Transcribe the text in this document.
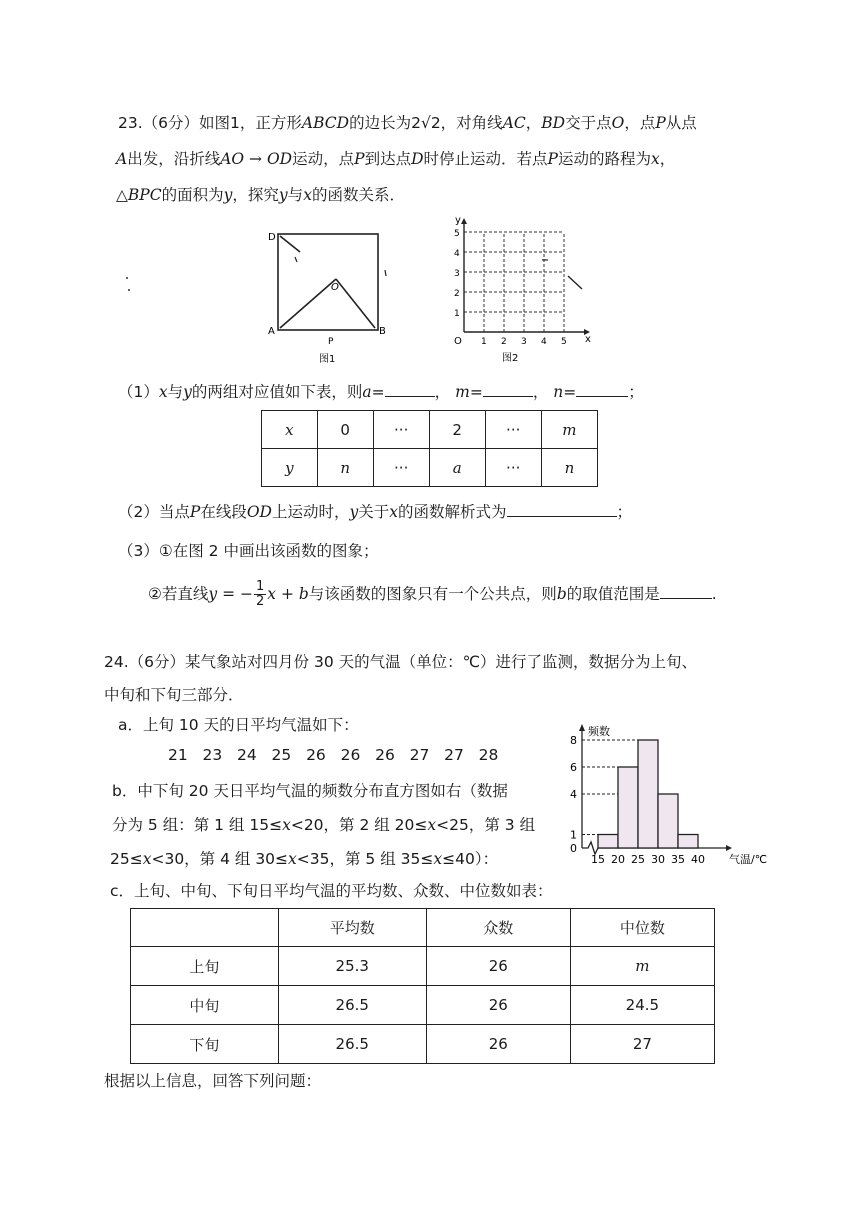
23.（6分）如图1，正方形ABCD的边长为2√2，对角线AC，BD交于点O，点P从点
A出发，沿折线AO → OD运动，点P到达点D时停止运动．若点P运动的路程为x，
△BPC的面积为y，探究y与x的函数关系．
D
A	B
O
P
图1
y
x
O
1
2
3
4
5
1 2 3 4 5
图2
（1）x与y的两组对应值如下表，则a=	， m=	， n=	；
x	0	···	2	···	m
y	n	···	a	···	n
（2）当点P在线段OD上运动时，y关于x的函数解析式为	；
（3）①在图 2 中画出该函数的图象；
②若直线y = − $\frac{1}{2}$ x + b与该函数的图象只有一个公共点，则b的取值范围是	.
24.（6分）某气象站对四月份 30 天的气温（单位：℃）进行了监测，数据分为上旬、
中旬和下旬三部分．
a．上旬 10 天的日平均气温如下：
21 23 24 25 26 26 26 27 27 28
b．中下旬 20 天日平均气温的频数分布直方图如右（数据
分为 5 组：第 1 组 15≤x<20，第 2 组 20≤x<25，第 3 组
25≤x<30，第 4 组 30≤x<35，第 5 组 35≤x≤40）：
频数
气温/℃
0
1
4
6
8
15 20 25 30 35 40
c．上旬、中旬、下旬日平均气温的平均数、众数、中位数如表：
	平均数	众数	中位数
上旬	25.3	26	m
中旬	26.5	26	24.5
下旬	26.5	26	27
根据以上信息，回答下列问题：
